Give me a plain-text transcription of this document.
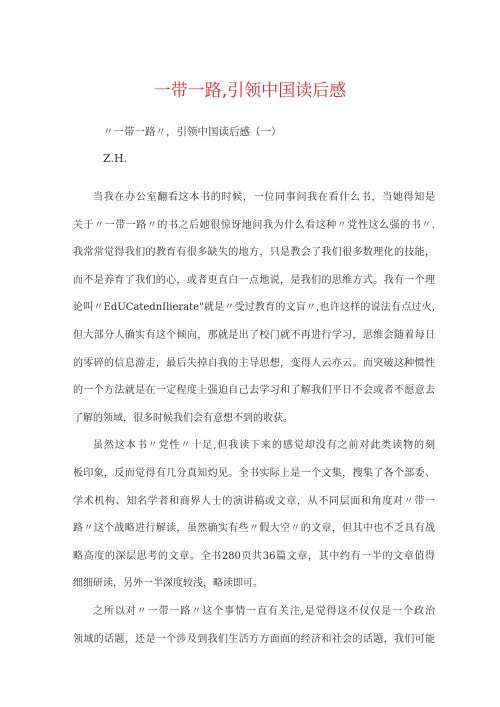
一带一路,引领中国读后感
〃一带一路〃，引领中国读后感（一）
Z.H.
当我在办公室翻看这本书的时候，一位同事问我在看什么书，当她得知是
关于〃一带一路〃的书之后她很惊讶地问我为什么看这种〃党性这么强的书〃.
我常常觉得我们的教育有很多缺失的地方，只是教会了我们很多数理化的技能，
而不是养育了我们的心，或者更直白一点地说，是我们的思维方式。我有一个理
论叫〃EdUCatednIlierate"就是〃受过教育的文盲〃,也许这样的说法有点过火,
但大部分人确实有这个倾向，那就是出了校门就不再进行学习，思维会随着每日
的零碎的信息游走，最后失掉自我的主导思想，变得人云亦云。而突破这种惯性
的一个方法就是在一定程度上强迫自己去学习和了解我们平日不会或者不愿意去
了解的领域，很多时候我们会有意想不到的收获。
虽然这本书〃党性〃十足,但我读下来的感觉却没有之前对此类读物的刻
板印象，反而觉得有几分真知灼见。全书实际上是一个文集，搜集了各个部委、
学术机构、知名学者和商界人士的演讲稿或文章，从不同层面和角度对〃带一
路〃这个战略进行解读，虽然确实有些〃假大空〃的文章，但其中也不乏具有战
略高度的深层思考的文章。全书280页共36篇文章，其中约有一半的文章值得
细细研读，另外一半深度较浅，略读即可。
之所以对〃一带一路〃这个事情一直有关注,是觉得这不仅仅是一个政治
领域的话题，还是一个涉及到我们生活方方面面的经济和社会的话题，我们可能
